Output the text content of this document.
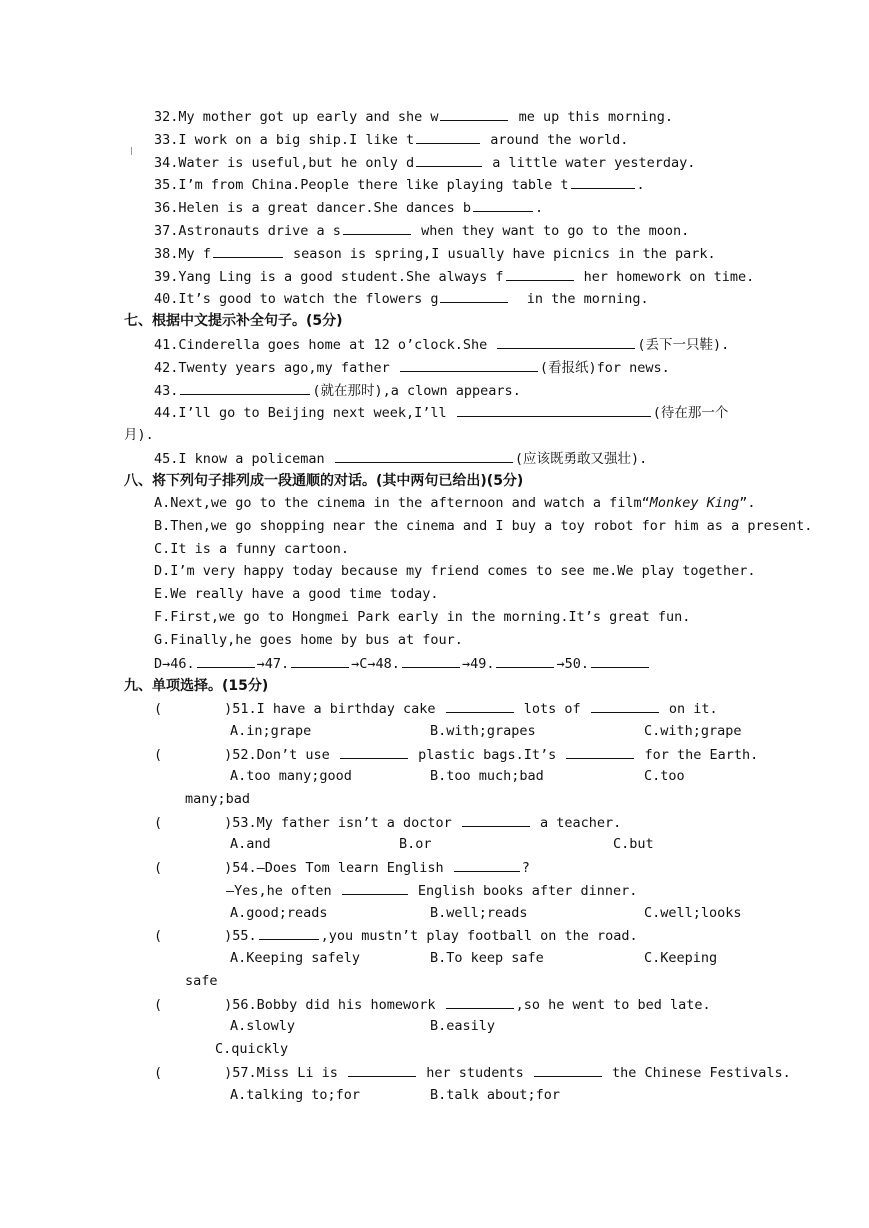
32.My mother got up early and she w	me up this morning.
33.I work on a big ship.I like t	around the world.
34.Water is useful,but he only d	a little water yesterday.
35.I’m from China.People there like playing table t	.
36.Helen is a great dancer.She dances b	.
37.Astronauts drive a s	when they want to go to the moon.
38.My f	season is spring,I usually have picnics in the park.
39.Yang Ling is a good student.She always f	her homework on time.
40.It’s good to watch the flowers g	in the morning.
七、根据中文提示补全句子。(5分)
41.Cinderella goes home at 12 o’clock.She	(丢下一只鞋).
42.Twenty years ago,my father	(看报纸)for news.
43.	(就在那时),a clown appears.
44.I’ll go to Beijing next week,I’ll	(待在那一个
月).
45.I know a policeman	(应该既勇敢又强壮).
八、将下列句子排列成一段通顺的对话。(其中两句已给出)(5分)
A.Next,we go to the cinema in the afternoon and watch a film“Monkey King”.
B.Then,we go shopping near the cinema and I buy a toy robot for him as a present.
C.It is a funny cartoon.
D.I’m very happy today because my friend comes to see me.We play together.
E.We really have a good time today.
F.First,we go to Hongmei Park early in the morning.It’s great fun.
G.Finally,he goes home by bus at four.
D→46.	→47.	→C→48.	→49.	→50.
九、单项选择。(15分)
(	)51.I have a birthday cake	lots of	on it.
A.in;grape	B.with;grapes	C.with;grape
(	)52.Don’t use	plastic bags.It’s	for the Earth.
A.too many;good	B.too much;bad	C.too
many;bad
(	)53.My father isn’t a doctor	a teacher.
A.and	B.or	C.but
(	)54.—Does Tom learn English	?
—Yes,he often	English books after dinner.
A.good;reads	B.well;reads	C.well;looks
(	)55.	,you mustn’t play football on the road.
A.Keeping safely	B.To keep safe	C.Keeping
safe
(	)56.Bobby did his homework	,so he went to bed late.
A.slowly	B.easily
C.quickly
(	)57.Miss Li is	her students	the Chinese Festivals.
A.talking to;for	B.talk about;for
